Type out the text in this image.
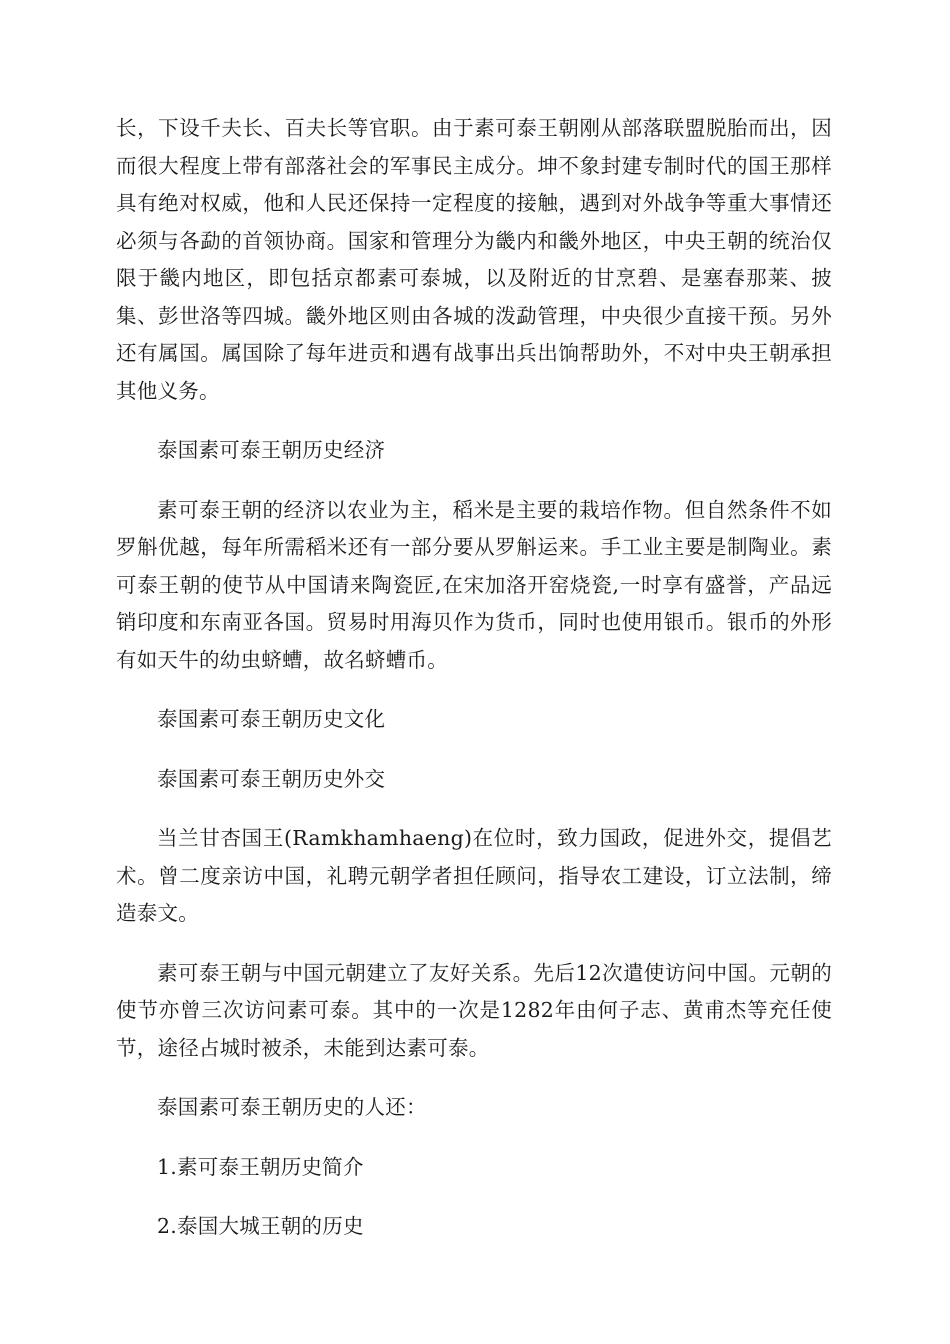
长，下设千夫长、百夫长等官职。由于素可泰王朝刚从部落联盟脱胎而出，因而很大程度上带有部落社会的军事民主成分。坤不象封建专制时代的国王那样具有绝对权威，他和人民还保持一定程度的接触，遇到对外战争等重大事情还必须与各勐的首领协商。国家和管理分为畿内和畿外地区，中央王朝的统治仅限于畿内地区，即包括京都素可泰城，以及附近的甘烹碧、是塞春那莱、披集、彭世洛等四城。畿外地区则由各城的泼勐管理，中央很少直接干预。另外还有属国。属国除了每年进贡和遇有战事出兵出饷帮助外，不对中央王朝承担其他义务。

泰国素可泰王朝历史经济

素可泰王朝的经济以农业为主，稻米是主要的栽培作物。但自然条件不如罗斛优越，每年所需稻米还有一部分要从罗斛运来。手工业主要是制陶业。素可泰王朝的使节从中国请来陶瓷匠,在宋加洛开窑烧瓷,一时享有盛誉，产品远销印度和东南亚各国。贸易时用海贝作为货币，同时也使用银币。银币的外形有如天牛的幼虫蛴螬，故名蛴螬币。

泰国素可泰王朝历史文化

泰国素可泰王朝历史外交

当兰甘杏国王(Ramkhamhaeng)在位时，致力国政，促进外交，提倡艺术。曾二度亲访中国，礼聘元朝学者担任顾问，指导农工建设，订立法制，缔造泰文。

素可泰王朝与中国元朝建立了友好关系。先后12次遣使访问中国。元朝的使节亦曾三次访问素可泰。其中的一次是1282年由何子志、黄甫杰等充任使节，途径占城时被杀，未能到达素可泰。

泰国素可泰王朝历史的人还：

1.素可泰王朝历史简介

2.泰国大城王朝的历史
